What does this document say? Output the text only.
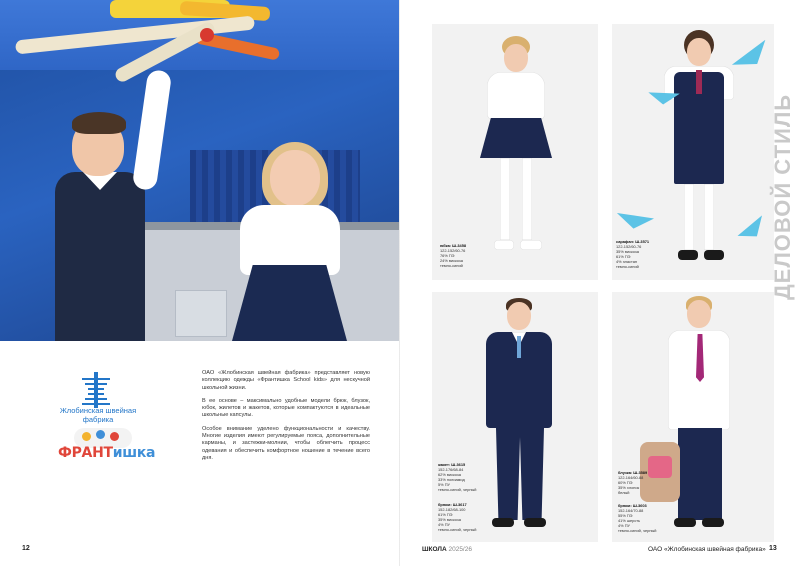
Жлобинская швейная фабрика
ФРАНТишка

ОАО «Жлобинская швейная фабрика» представляет новую коллекцию одежды «Франтишка School kids» для нескучной школьной жизни.

В ее основе – максимально удобные модели брюк, блузок, юбок, жилетов и жакетов, которые компактуются в идеальные школьные капсулы.

Особое внимание уделено функциональности и качеству. Многие изделия имеют регулируемые пояса, дополнительные карманы, и застежки-молнии, чтобы облегчить процесс одевания и обеспечить комфортное ношение в течение всего дня.

12
юбка: Ш-3458
122-152/60-76
76% ПЭ
24% вискоза
темно-синий
сарафан: Ш-3571
122-152/60-76
35% вискоза
61% ПЭ
4% эластан
темно-синий
жакет: Ш-3615
152-176/68-84
62% вискоза
33% полиамид
5% ПУ
темно-синий, черный
брюки: Ш-3617
152-182/68-100
61% ПЭ
35% вискоза
4% ПУ
темно-синий, черный
блузка: Ш-3589
122-164/60-88
60% ПЭ
35% хлопок
белый
брюки: Ш-3603
152-164/70-88
55% ПЭ
41% шерсть
4% ПУ
темно-синий, черный
ДЕЛОВОЙ СТИЛЬ
ШКОЛА 2025/26	ОАО «Жлобинская швейная фабрика» 13
